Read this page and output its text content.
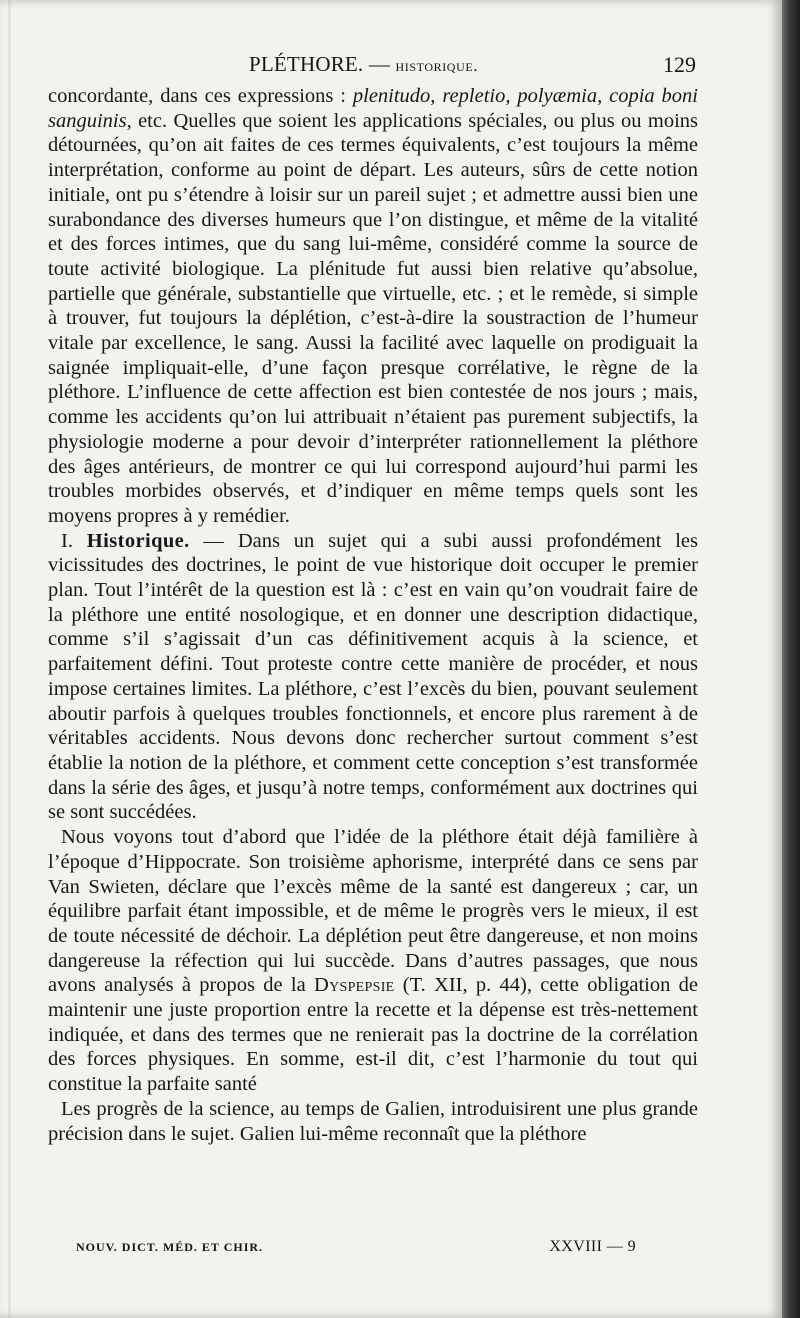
PLÉTHORE. — historique.	129

concordante, dans ces expressions : plenitudo, repletio, polyæmia, copia boni sanguinis, etc. Quelles que soient les applications spéciales, ou plus ou moins détournées, qu’on ait faites de ces termes équivalents, c’est toujours la même interprétation, conforme au point de départ. Les auteurs, sûrs de cette notion initiale, ont pu s’étendre à loisir sur un pareil sujet ; et admettre aussi bien une surabondance des diverses humeurs que l’on distingue, et même de la vitalité et des forces intimes, que du sang lui-même, considéré comme la source de toute activité biologique. La plénitude fut aussi bien relative qu’absolue, partielle que générale, substantielle que virtuelle, etc. ; et le remède, si simple à trouver, fut toujours la déplétion, c’est-à-dire la soustraction de l’humeur vitale par excellence, le sang. Aussi la facilité avec laquelle on prodiguait la saignée impliquait-elle, d’une façon presque corrélative, le règne de la pléthore. L’influence de cette affection est bien contestée de nos jours ; mais, comme les accidents qu’on lui attribuait n’étaient pas purement subjectifs, la physiologie moderne a pour devoir d’interpréter rationnellement la pléthore des âges antérieurs, de montrer ce qui lui correspond aujourd’hui parmi les troubles morbides observés, et d’indiquer en même temps quels sont les moyens propres à y remédier.

I. Historique. — Dans un sujet qui a subi aussi profondément les vicissitudes des doctrines, le point de vue historique doit occuper le premier plan. Tout l’intérêt de la question est là : c’est en vain qu’on voudrait faire de la pléthore une entité nosologique, et en donner une description didactique, comme s’il s’agissait d’un cas définitivement acquis à la science, et parfaitement défini. Tout proteste contre cette manière de procéder, et nous impose certaines limites. La pléthore, c’est l’excès du bien, pouvant seulement aboutir parfois à quelques troubles fonctionnels, et encore plus rarement à de véritables accidents. Nous devons donc rechercher surtout comment s’est établie la notion de la pléthore, et comment cette conception s’est transformée dans la série des âges, et jusqu’à notre temps, conformément aux doctrines qui se sont succédées.

Nous voyons tout d’abord que l’idée de la pléthore était déjà familière à l’époque d’Hippocrate. Son troisième aphorisme, interprété dans ce sens par Van Swieten, déclare que l’excès même de la santé est dangereux ; car, un équilibre parfait étant impossible, et de même le progrès vers le mieux, il est de toute nécessité de déchoir. La déplétion peut être dangereuse, et non moins dangereuse la réfection qui lui succède. Dans d’autres passages, que nous avons analysés à propos de la Dyspepsie (T. XII, p. 44), cette obligation de maintenir une juste proportion entre la recette et la dépense est très-nettement indiquée, et dans des termes que ne renierait pas la doctrine de la corrélation des forces physiques. En somme, est-il dit, c’est l’harmonie du tout qui constitue la parfaite santé

Les progrès de la science, au temps de Galien, introduisirent une plus grande précision dans le sujet. Galien lui-même reconnaît que la pléthore

NOUV. DICT. MÉD. ET CHIR.	XXVIII — 9
